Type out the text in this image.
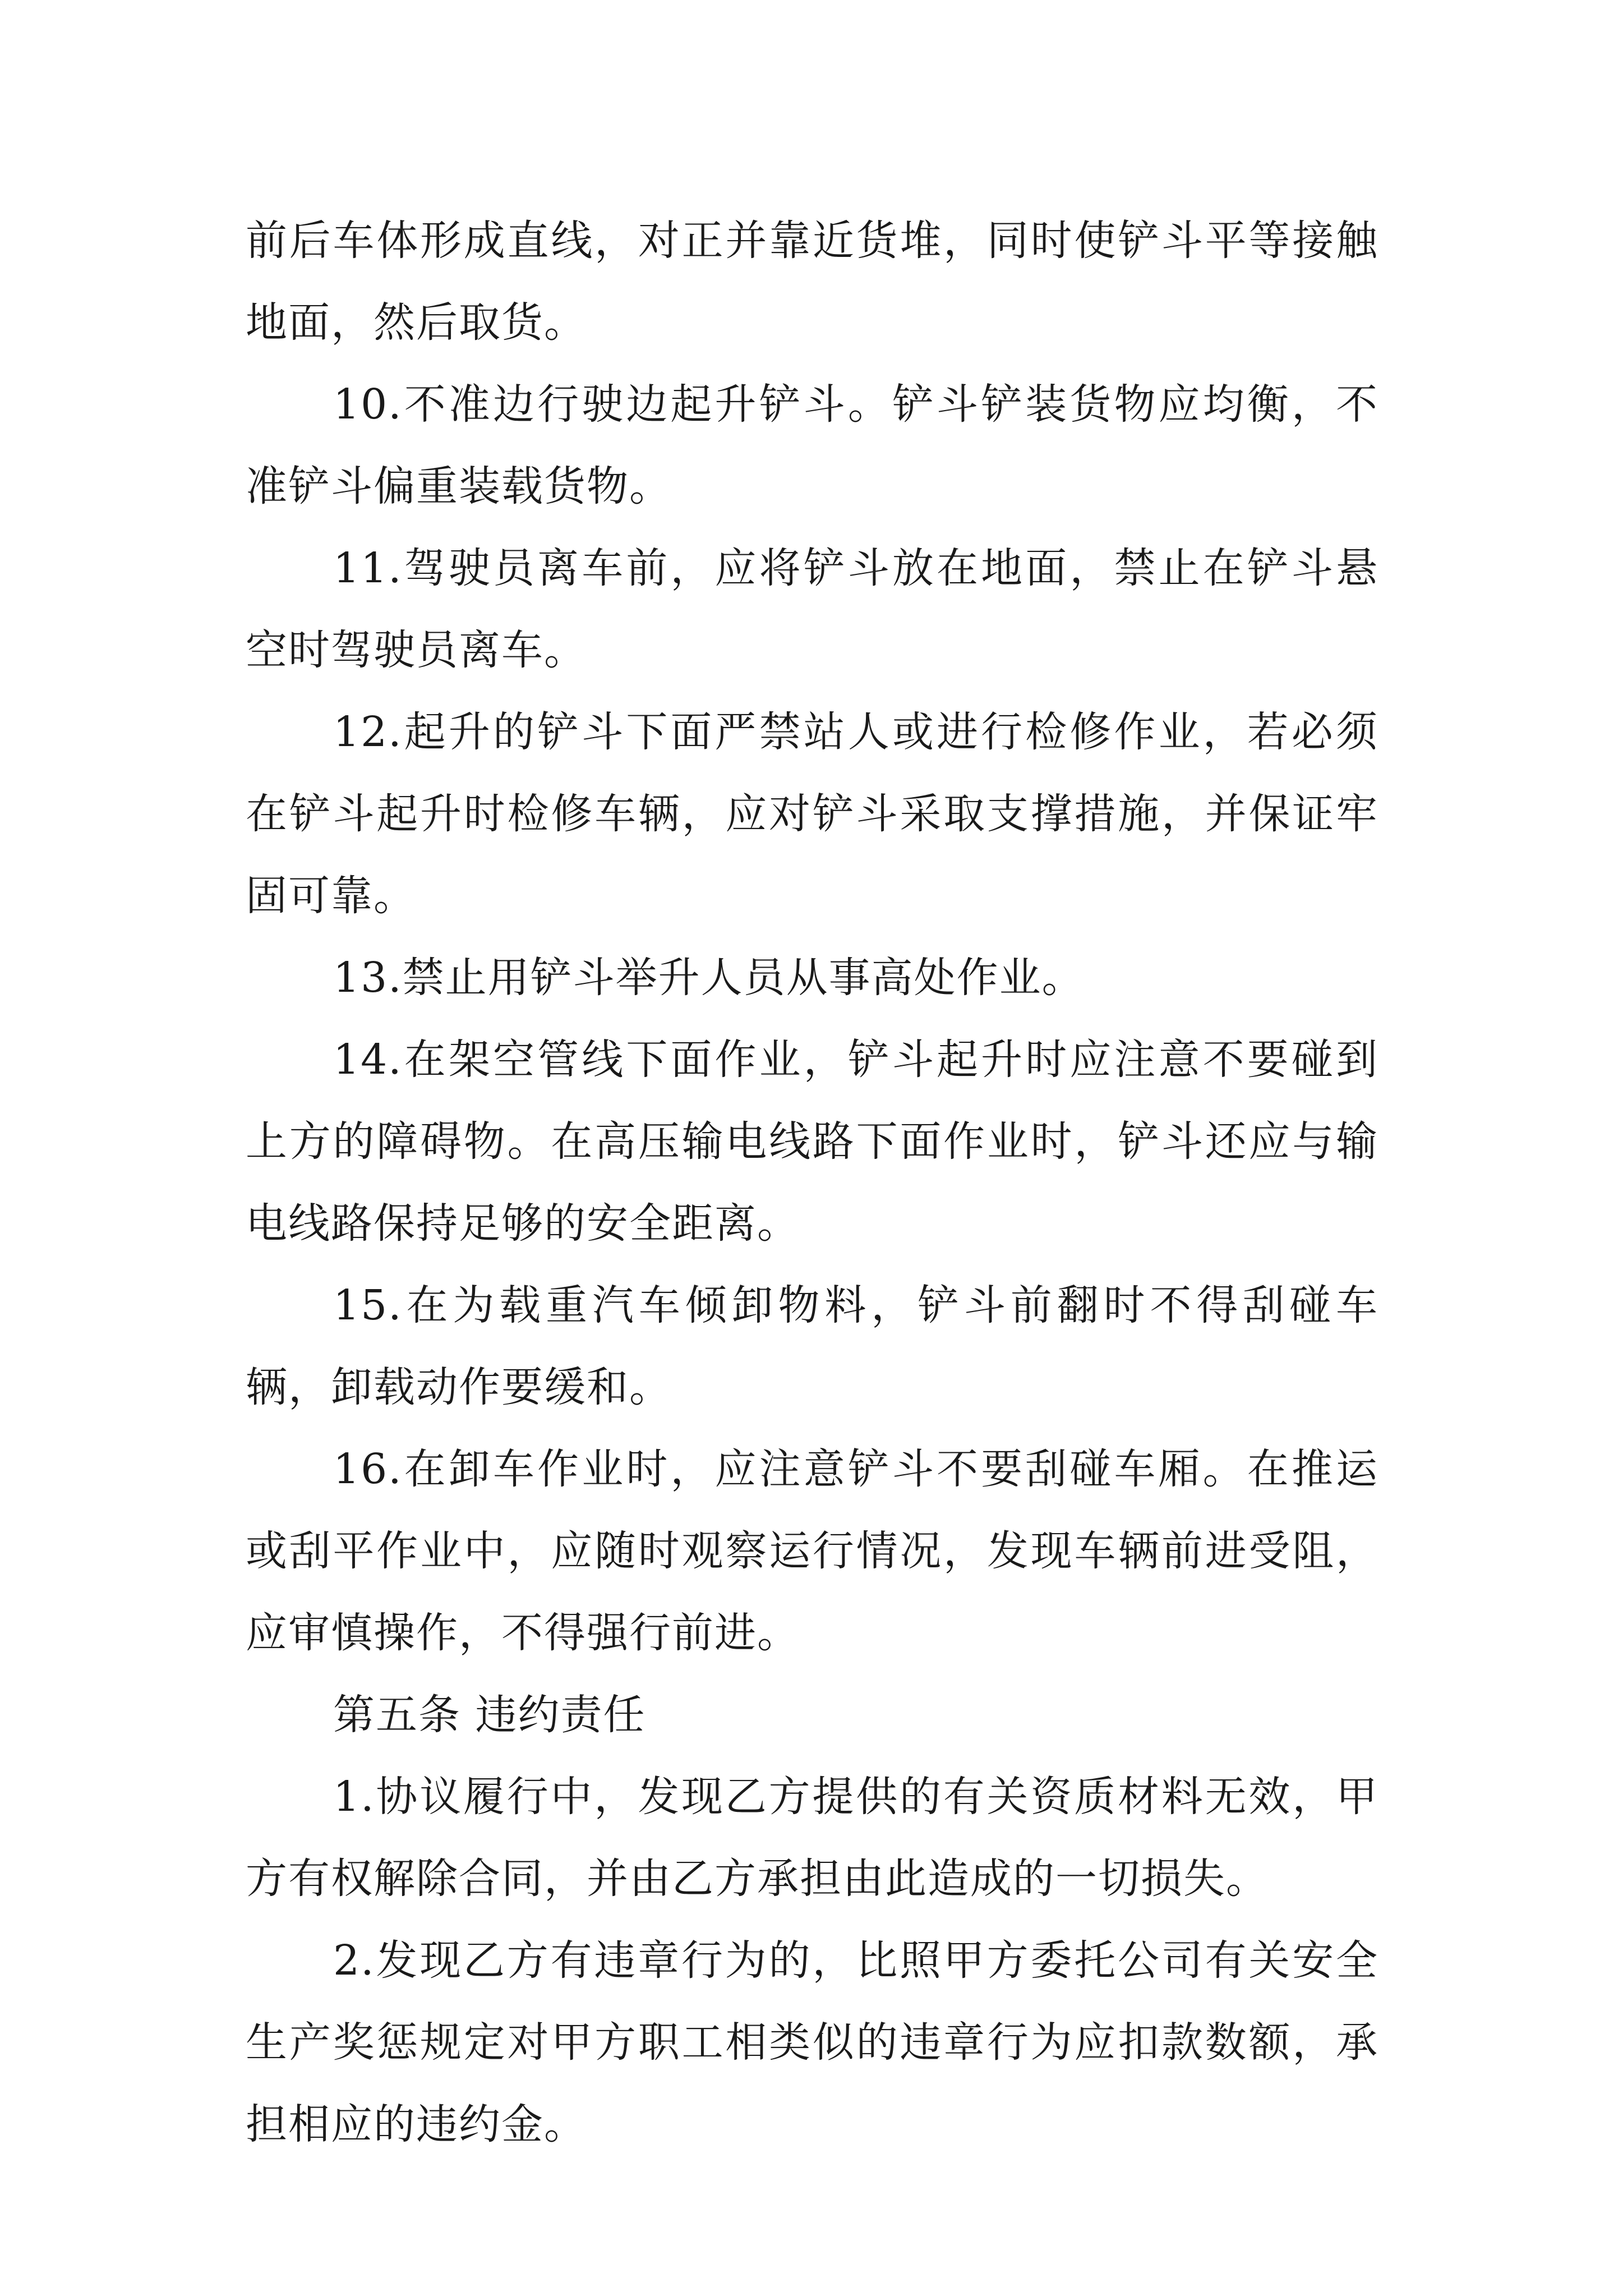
前后车体形成直线，对正并靠近货堆，同时使铲斗平等接触地面，然后取货。

10.不准边行驶边起升铲斗。铲斗铲装货物应均衡，不准铲斗偏重装载货物。

11.驾驶员离车前，应将铲斗放在地面，禁止在铲斗悬空时驾驶员离车。

12.起升的铲斗下面严禁站人或进行检修作业，若必须在铲斗起升时检修车辆，应对铲斗采取支撑措施，并保证牢固可靠。

13.禁止用铲斗举升人员从事高处作业。

14.在架空管线下面作业，铲斗起升时应注意不要碰到上方的障碍物。在高压输电线路下面作业时，铲斗还应与输电线路保持足够的安全距离。

15.在为载重汽车倾卸物料，铲斗前翻时不得刮碰车辆，卸载动作要缓和。

16.在卸车作业时，应注意铲斗不要刮碰车厢。在推运或刮平作业中，应随时观察运行情况，发现车辆前进受阻，应审慎操作，不得强行前进。

第五条 违约责任

1.协议履行中，发现乙方提供的有关资质材料无效，甲方有权解除合同，并由乙方承担由此造成的一切损失。

2.发现乙方有违章行为的，比照甲方委托公司有关安全生产奖惩规定对甲方职工相类似的违章行为应扣款数额，承担相应的违约金。
